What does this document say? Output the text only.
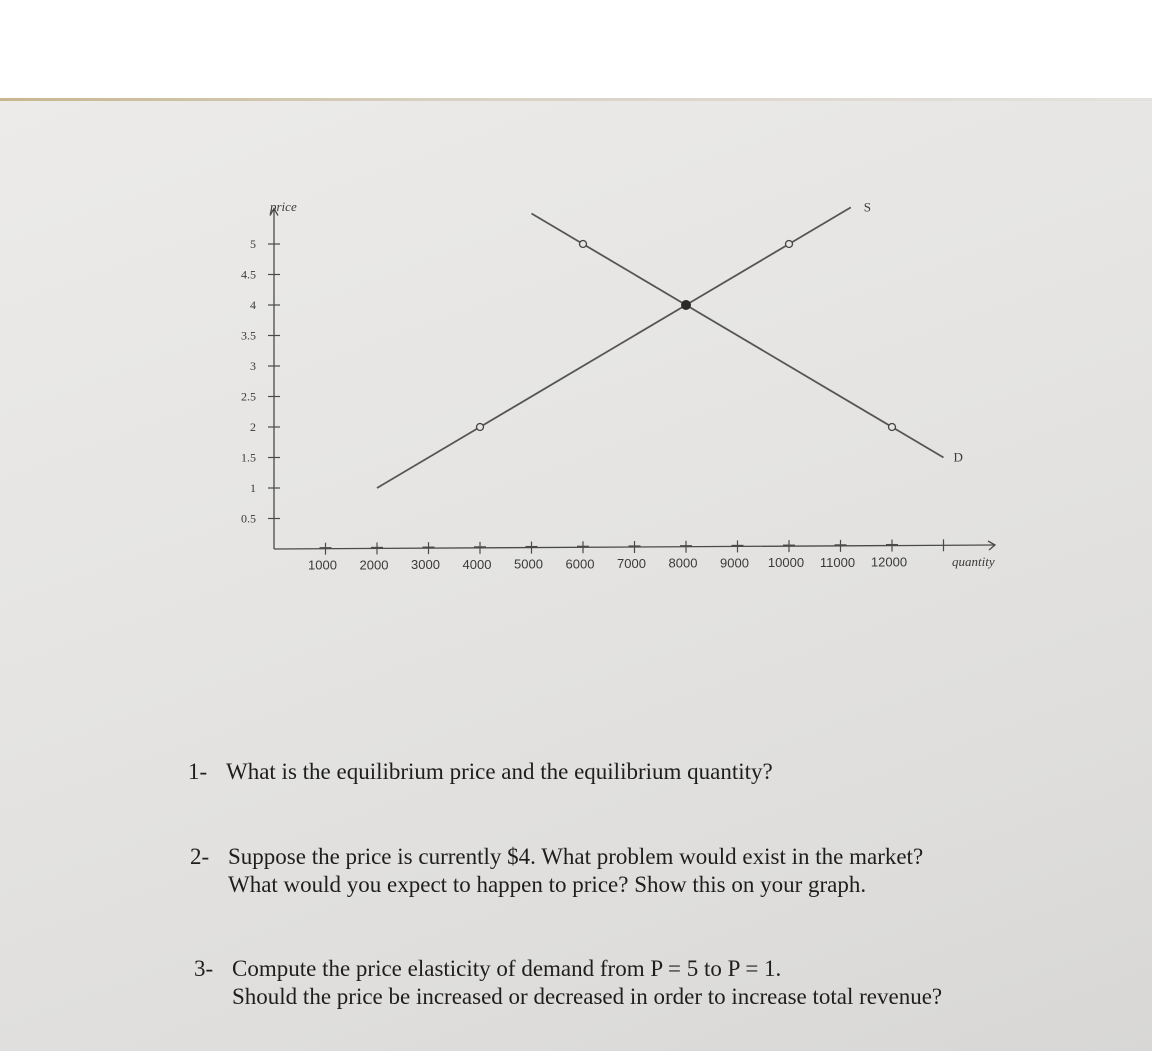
5
4.5
4
3.5
3
2.5
2
1.5
1
0.5
1000 2000 3000 4000 5000 6000 7000 8000 9000 10000 11000 12000
S
D
price
quantity

1- What is the equilibrium price and the equilibrium quantity?

2- Suppose the price is currently $4. What problem would exist in the market?
What would you expect to happen to price? Show this on your graph.

3- Compute the price elasticity of demand from P = 5 to P = 1.
Should the price be increased or decreased in order to increase total revenue?
